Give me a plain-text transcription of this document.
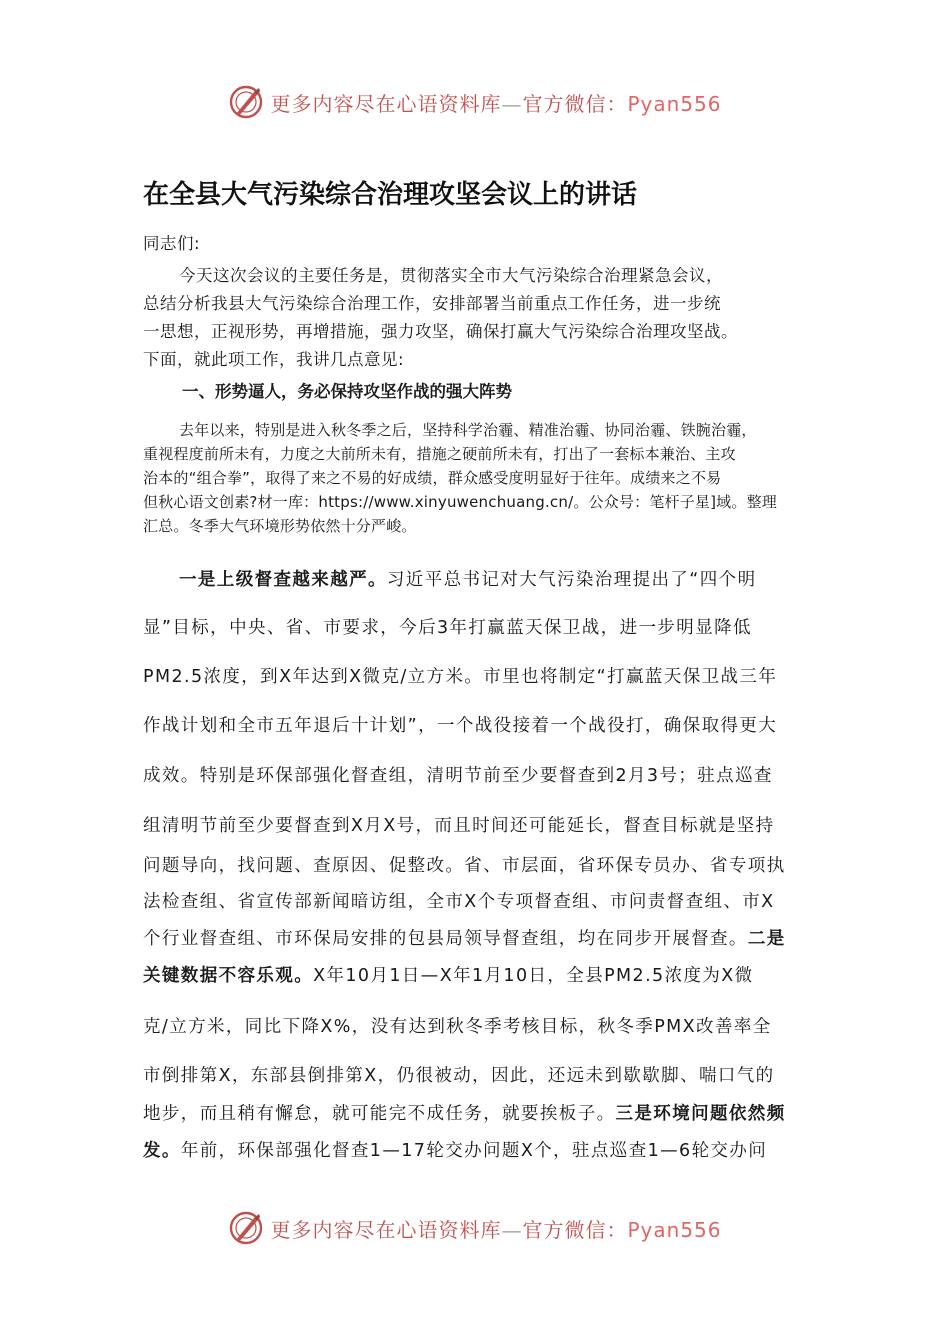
更多内容尽在心语资料库—官方微信：Pyan556
在全县大气污染综合治理攻坚会议上的讲话
同志们:
今天这次会议的主要任务是，贯彻落实全市大气污染综合治理紧急会议，
总结分析我县大气污染综合治理工作，安排部署当前重点工作任务，进一步统
一思想，正视形势，再增措施，强力攻坚，确保打赢大气污染综合治理攻坚战。
下面，就此项工作，我讲几点意见:
一、形势逼人，务必保持攻坚作战的强大阵势
去年以来，特别是进入秋冬季之后，坚持科学治霾、精准治霾、协同治霾、铁腕治霾，
重视程度前所未有，力度之大前所未有，措施之硬前所未有，打出了一套标本兼治、主攻
治本的“组合拳”，取得了来之不易的好成绩，群众感受度明显好于往年。成绩来之不易
但秋心语文创素?材一库：https://www.xinyuwenchuang.cn/。公众号：笔杆子星]域。整理
汇总。冬季大气环境形势依然十分严峻。
一是上级督查越来越严。习近平总书记对大气污染治理提出了“四个明
显”目标，中央、省、市要求，今后3年打赢蓝天保卫战，进一步明显降低
PM2.5浓度，到X年达到X微克/立方米。市里也将制定“打赢蓝天保卫战三年
作战计划和全市五年退后十计划”，一个战役接着一个战役打，确保取得更大
成效。特别是环保部强化督查组，清明节前至少要督查到2月3号；驻点巡查
组清明节前至少要督查到X月X号，而且时间还可能延长，督查目标就是坚持
问题导向，找问题、查原因、促整改。省、市层面，省环保专员办、省专项执
法检查组、省宣传部新闻暗访组，全市X个专项督查组、市问责督查组、市X
个行业督查组、市环保局安排的包县局领导督查组，均在同步开展督查。二是
关键数据不容乐观。X年10月1日—X年1月10日，全县PM2.5浓度为X微
克/立方米，同比下降X%，没有达到秋冬季考核目标，秋冬季PMX改善率全
市倒排第X，东部县倒排第X，仍很被动，因此，还远未到歇歇脚、喘口气的
地步，而且稍有懈怠，就可能完不成任务，就要挨板子。三是环境问题依然频
发。年前，环保部强化督查1—17轮交办问题X个，驻点巡查1—6轮交办问
更多内容尽在心语资料库—官方微信：Pyan556
